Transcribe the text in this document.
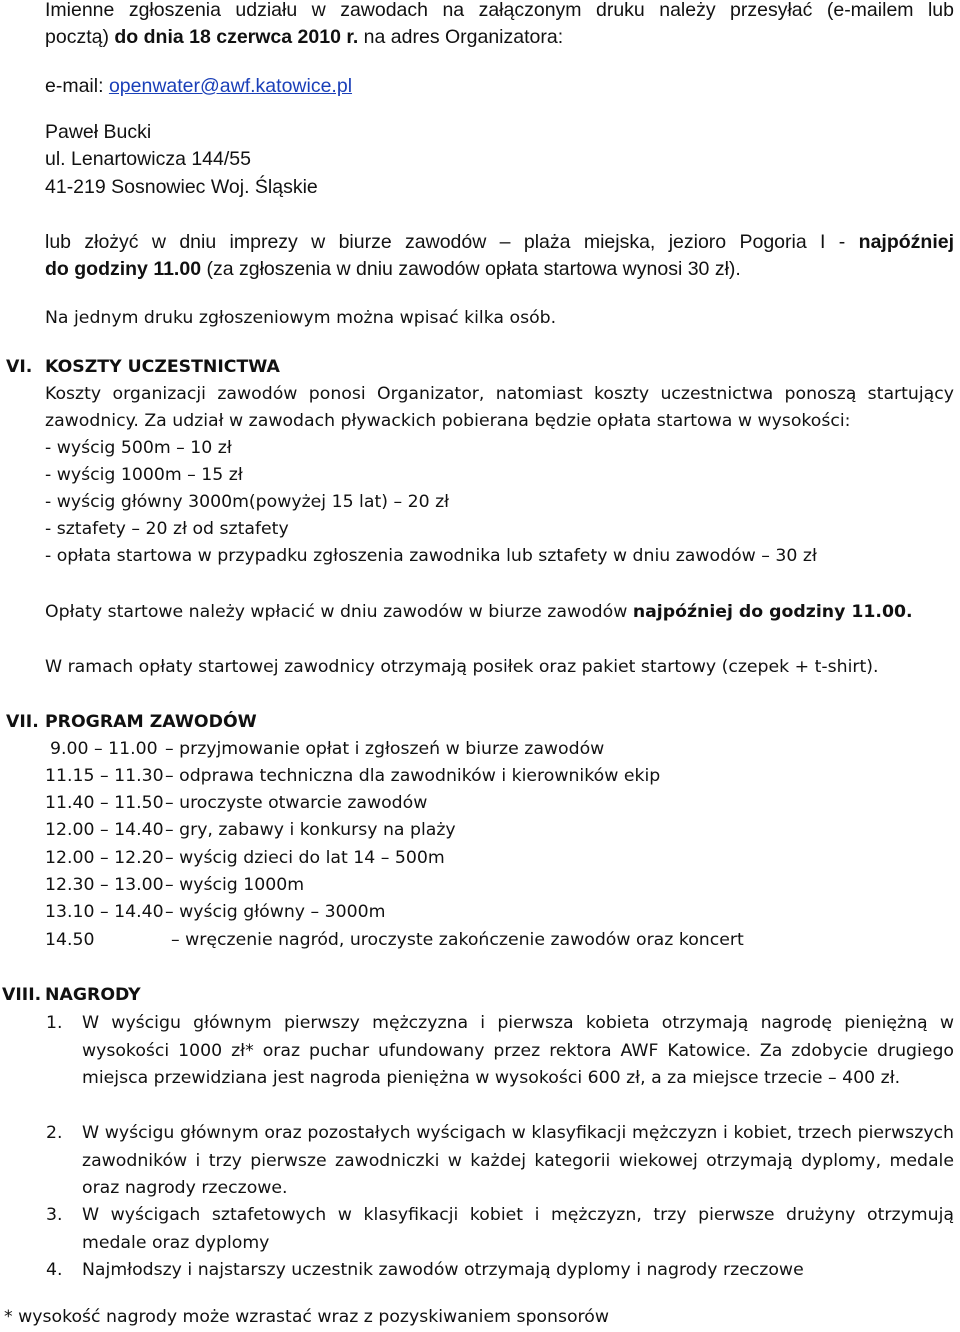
Imienne zgłoszenia udziału w zawodach na załączonym druku należy przesyłać (e-mailem lub
pocztą) do dnia 18 czerwca 2010 r. na adres Organizatora:
e-mail: openwater@awf.katowice.pl
Paweł Bucki
ul. Lenartowicza 144/55
41-219 Sosnowiec Woj. Śląskie
lub złożyć w dniu imprezy w biurze zawodów – plaża miejska, jezioro Pogoria I - najpóźniej
do godziny 11.00 (za zgłoszenia w dniu zawodów opłata startowa wynosi 30 zł).
Na jednym druku zgłoszeniowym można wpisać kilka osób.
VI. KOSZTY UCZESTNICTWA
Koszty organizacji zawodów ponosi Organizator, natomiast koszty uczestnictwa ponoszą startujący
zawodnicy. Za udział w zawodach pływackich pobierana będzie opłata startowa w wysokości:
- wyścig 500m – 10 zł
- wyścig 1000m – 15 zł
- wyścig główny 3000m(powyżej 15 lat) – 20 zł
- sztafety – 20 zł od sztafety
- opłata startowa w przypadku zgłoszenia zawodnika lub sztafety w dniu zawodów – 30 zł
Opłaty startowe należy wpłacić w dniu zawodów w biurze zawodów najpóźniej do godziny 11.00.
W ramach opłaty startowej zawodnicy otrzymają posiłek oraz pakiet startowy (czepek + t-shirt).
VII. PROGRAM ZAWODÓW
9.00 – 11.00 – przyjmowanie opłat i zgłoszeń w biurze zawodów
11.15 – 11.30 – odprawa techniczna dla zawodników i kierowników ekip
11.40 – 11.50 – uroczyste otwarcie zawodów
12.00 – 14.40 – gry, zabawy i konkursy na plaży
12.00 – 12.20 – wyścig dzieci do lat 14 – 500m
12.30 – 13.00 – wyścig 1000m
13.10 – 14.40 – wyścig główny – 3000m
14.50	– wręczenie nagród, uroczyste zakończenie zawodów oraz koncert
VIII. NAGRODY
1. W wyścigu głównym pierwszy mężczyzna i pierwsza kobieta otrzymają nagrodę pieniężną w wysokości 1000 zł* oraz puchar ufundowany przez rektora AWF Katowice. Za zdobycie drugiego miejsca przewidziana jest nagroda pieniężna w wysokości 600 zł, a za miejsce trzecie – 400 zł.
2. W wyścigu głównym oraz pozostałych wyścigach w klasyfikacji mężczyzn i kobiet, trzech pierwszych zawodników i trzy pierwsze zawodniczki w każdej kategorii wiekowej otrzymają dyplomy, medale oraz nagrody rzeczowe.
3. W wyścigach sztafetowych w klasyfikacji kobiet i mężczyzn, trzy pierwsze drużyny otrzymują medale oraz dyplomy
4. Najmłodszy i najstarszy uczestnik zawodów otrzymają dyplomy i nagrody rzeczowe
* wysokość nagrody może wzrastać wraz z pozyskiwaniem sponsorów
